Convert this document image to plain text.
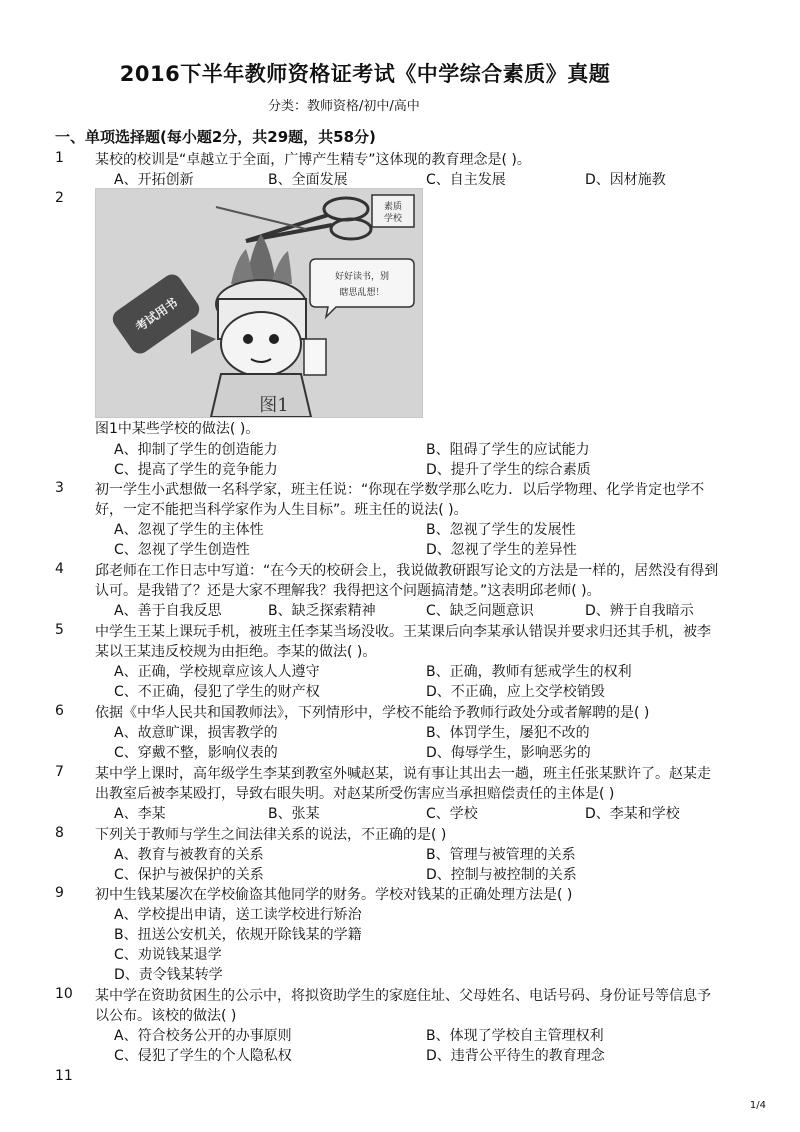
2016下半年教师资格证考试《中学综合素质》真题
分类：教师资格/初中/高中
一、单项选择题(每小题2分，共29题，共58分)
1 某校的校训是“卓越立于全面，广博产生精专”这体现的教育理念是( )。
A、开拓创新	B、全面发展	C、自主发展	D、因材施教
2
素质
学校
好好读书，别
瞎思乱想！
考试用书
图1
图1中某些学校的做法( )。
A、抑制了学生的创造能力	B、阻碍了学生的应试能力
C、提高了学生的竞争能力	D、提升了学生的综合素质
3 初一学生小武想做一名科学家，班主任说：“你现在学数学那么吃力．以后学物理、化学肯定也学不
好，一定不能把当科学家作为人生目标”。班主任的说法( )。
A、忽视了学生的主体性	B、忽视了学生的发展性
C、忽视了学生创造性	D、忽视了学生的差异性
4 邱老师在工作日志中写道：“在今天的校研会上，我说做教研跟写论文的方法是一样的，居然没有得到
认可。是我错了？还是大家不理解我？我得把这个问题搞清楚。”这表明邱老师( )。
A、善于自我反思	B、缺乏探索精神	C、缺乏问题意识	D、辨于自我暗示
5 中学生王某上课玩手机，被班主任李某当场没收。王某课后向李某承认错误并要求归还其手机，被李
某以王某违反校规为由拒绝。李某的做法( )。
A、正确，学校规章应该人人遵守	B、正确，教师有惩戒学生的权利
C、不正确，侵犯了学生的财产权	D、不正确，应上交学校销毁
6 依据《中华人民共和国教师法》，下列情形中，学校不能给予教师行政处分或者解聘的是( )
A、故意旷课，损害教学的	B、体罚学生，屡犯不改的
C、穿戴不整，影响仪表的	D、侮辱学生，影响恶劣的
7 某中学上课时，高年级学生李某到教室外喊赵某，说有事让其出去一趟，班主任张某默许了。赵某走
出教室后被李某殴打，导致右眼失明。对赵某所受伤害应当承担赔偿责任的主体是( )
A、李某	B、张某	C、学校	D、李某和学校
8 下列关于教师与学生之间法律关系的说法，不正确的是( )
A、教育与被教育的关系	B、管理与被管理的关系
C、保护与被保护的关系	D、控制与被控制的关系
9 初中生钱某屡次在学校偷盗其他同学的财务。学校对钱某的正确处理方法是( )
A、学校提出申请，送工读学校进行矫治
B、扭送公安机关，依规开除钱某的学籍
C、劝说钱某退学
D、责令钱某转学
10 某中学在资助贫困生的公示中，将拟资助学生的家庭住址、父母姓名、电话号码、身份证号等信息予
以公布。该校的做法( )
A、符合校务公开的办事原则	B、体现了学校自主管理权利
C、侵犯了学生的个人隐私权	D、违背公平待生的教育理念
11
1/4
